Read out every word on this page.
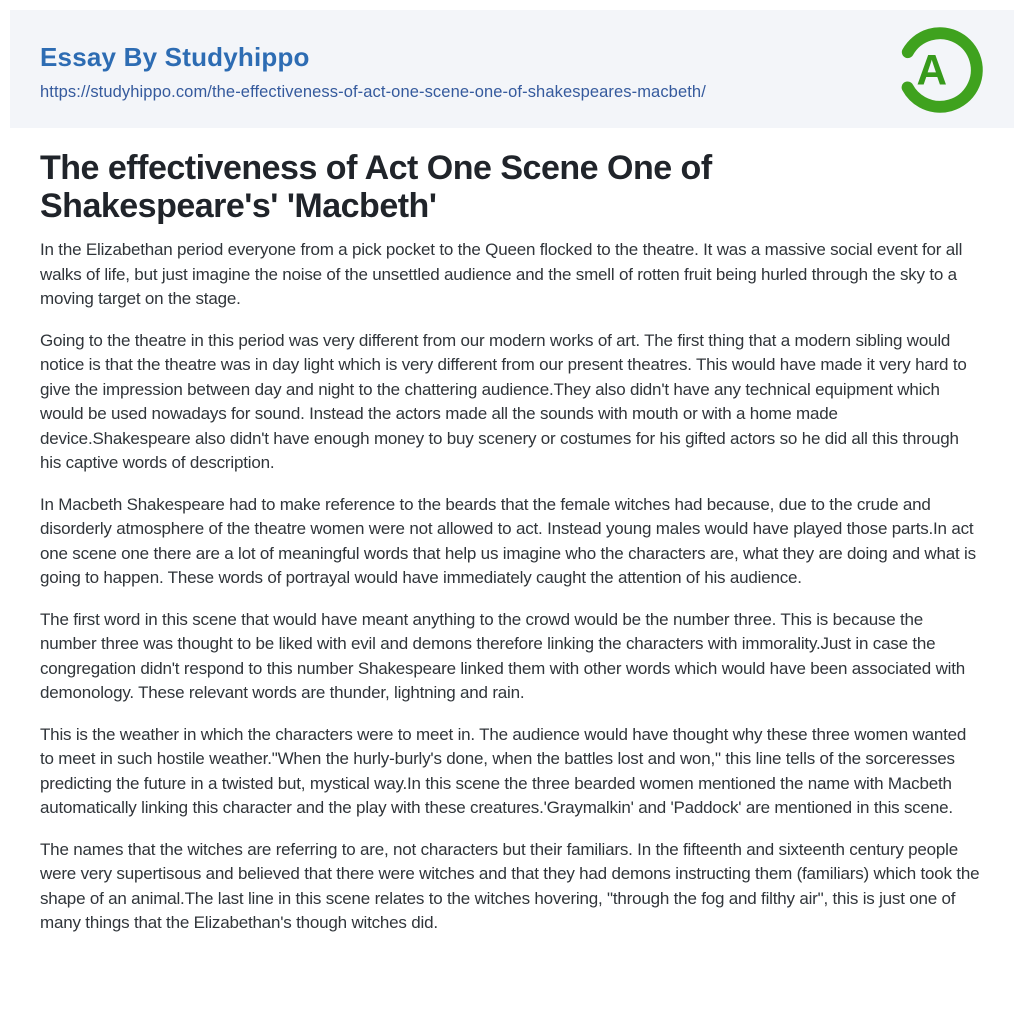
Essay By Studyhippo
https://studyhippo.com/the-effectiveness-of-act-one-scene-one-of-shakespeares-macbeth/	A
The effectiveness of Act One Scene One of Shakespeare's' 'Macbeth'

In the Elizabethan period everyone from a pick pocket to the Queen flocked to the theatre. It was a massive social event for all walks of life, but just imagine the noise of the unsettled audience and the smell of rotten fruit being hurled through the sky to a moving target on the stage.

Going to the theatre in this period was very different from our modern works of art. The first thing that a modern sibling would notice is that the theatre was in day light which is very different from our present theatres. This would have made it very hard to give the impression between day and night to the chattering audience.They also didn't have any technical equipment which would be used nowadays for sound. Instead the actors made all the sounds with mouth or with a home made device.Shakespeare also didn't have enough money to buy scenery or costumes for his gifted actors so he did all this through his captive words of description.

In Macbeth Shakespeare had to make reference to the beards that the female witches had because, due to the crude and disorderly atmosphere of the theatre women were not allowed to act. Instead young males would have played those parts.In act one scene one there are a lot of meaningful words that help us imagine who the characters are, what they are doing and what is going to happen. These words of portrayal would have immediately caught the attention of his audience.

The first word in this scene that would have meant anything to the crowd would be the number three. This is because the number three was thought to be liked with evil and demons therefore linking the characters with immorality.Just in case the congregation didn't respond to this number Shakespeare linked them with other words which would have been associated with demonology. These relevant words are thunder, lightning and rain.

This is the weather in which the characters were to meet in. The audience would have thought why these three women wanted to meet in such hostile weather."When the hurly-burly's done, when the battles lost and won," this line tells of the sorceresses predicting the future in a twisted but, mystical way.In this scene the three bearded women mentioned the name with Macbeth automatically linking this character and the play with these creatures.'Graymalkin' and 'Paddock' are mentioned in this scene.

The names that the witches are referring to are, not characters but their familiars. In the fifteenth and sixteenth century people were very supertisous and believed that there were witches and that they had demons instructing them (familiars) which took the shape of an animal.The last line in this scene relates to the witches hovering, "through the fog and filthy air", this is just one of many things that the Elizabethan's though witches did.
